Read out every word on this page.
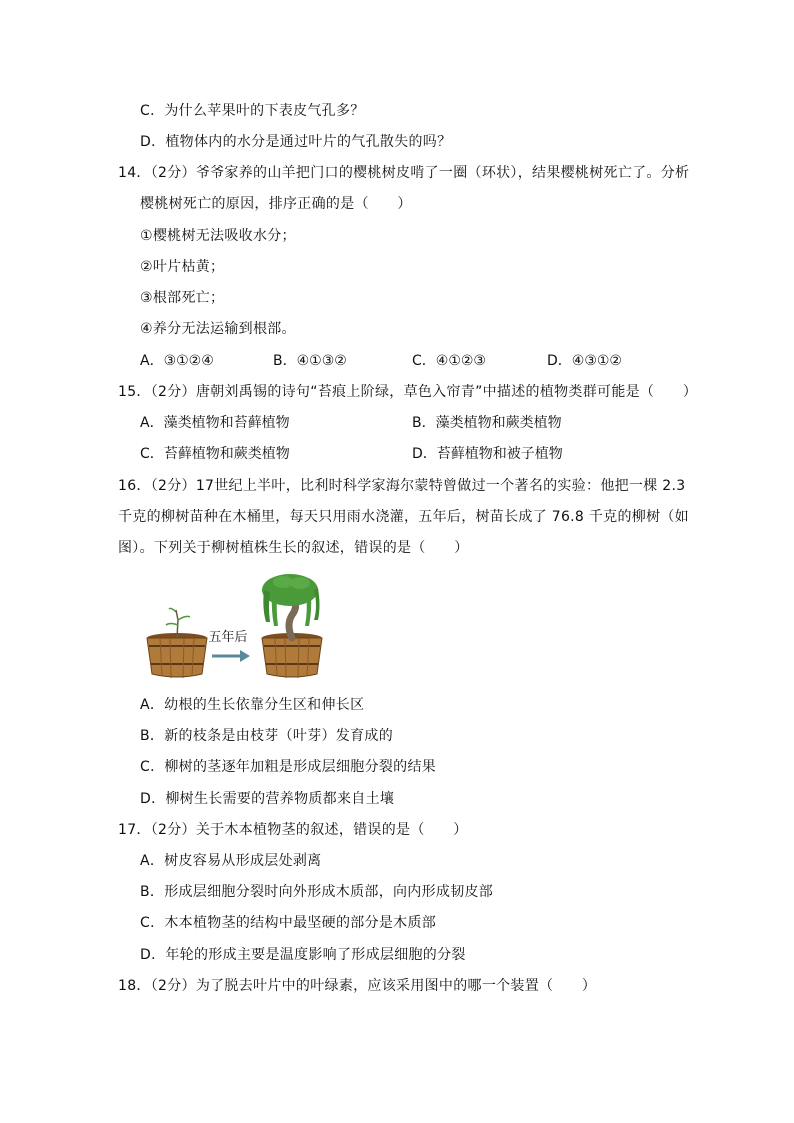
C．为什么苹果叶的下表皮气孔多？
D．植物体内的水分是通过叶片的气孔散失的吗？
14．（2分）爷爷家养的山羊把门口的樱桃树皮啃了一圈（环状），结果樱桃树死亡了。分析
樱桃树死亡的原因，排序正确的是（　　）
①樱桃树无法吸收水分；
②叶片枯黄；
③根部死亡；
④养分无法运输到根部。
A．③①②④	B．④①③②	C．④①②③	D．④③①②
15．（2分）唐朝刘禹锡的诗句“苔痕上阶绿，草色入帘青”中描述的植物类群可能是（　　）
A．藻类植物和苔藓植物	B．藻类植物和蕨类植物
C．苔藓植物和蕨类植物	D．苔藓植物和被子植物
16．（2分）17世纪上半叶，比利时科学家海尔蒙特曾做过一个著名的实验：他把一棵 2.3
千克的柳树苗种在木桶里，每天只用雨水浇灌，五年后，树苗长成了 76.8 千克的柳树（如
图）。下列关于柳树植株生长的叙述，错误的是（　　）
五年后
A．幼根的生长依靠分生区和伸长区
B．新的枝条是由枝芽（叶芽）发育成的
C．柳树的茎逐年加粗是形成层细胞分裂的结果
D．柳树生长需要的营养物质都来自土壤
17．（2分）关于木本植物茎的叙述，错误的是（　　）
A．树皮容易从形成层处剥离
B．形成层细胞分裂时向外形成木质部，向内形成韧皮部
C．木本植物茎的结构中最坚硬的部分是木质部
D．年轮的形成主要是温度影响了形成层细胞的分裂
18．（2分）为了脱去叶片中的叶绿素，应该采用图中的哪一个装置（　　）
